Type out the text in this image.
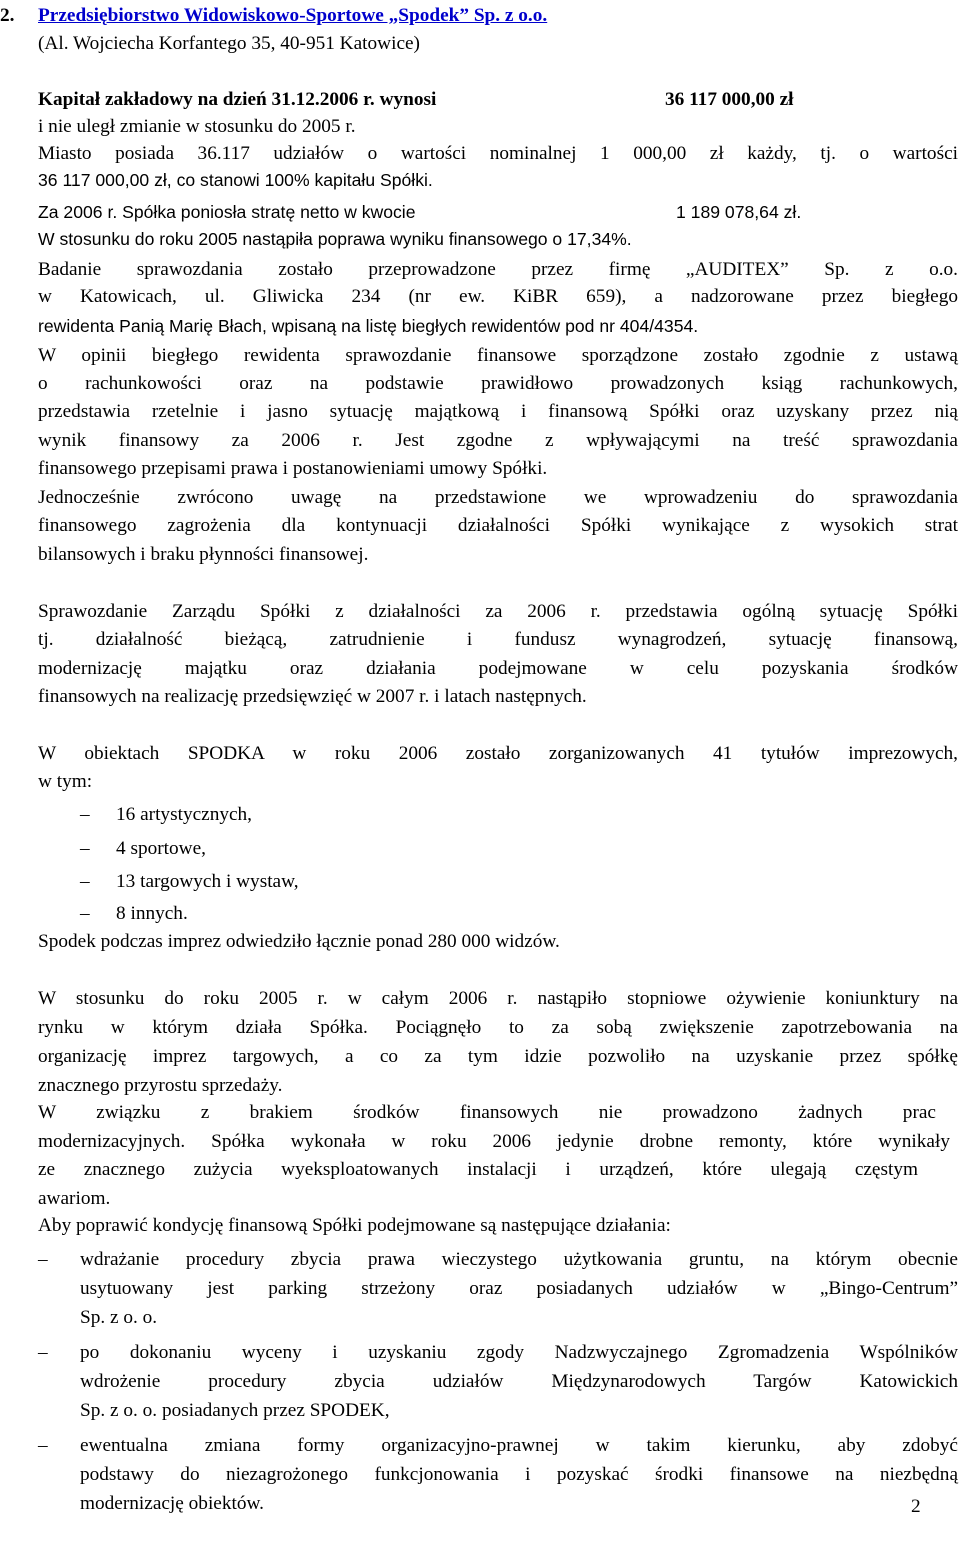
2.	Przedsiębiorstwo Widowiskowo-Sportowe „Spodek” Sp. z o.o.
(Al. Wojciecha Korfantego 35, 40-951 Katowice)
Kapitał zakładowy na dzień 31.12.2006 r. wynosi	36 117 000,00 zł
i nie uległ zmianie w stosunku do 2005 r.
Miasto posiada 36.117 udziałów o wartości nominalnej 1 000,00 zł każdy, tj. o wartości
36 117 000,00 zł, co stanowi 100% kapitału Spółki.
Za 2006 r. Spółka poniosła stratę netto w kwocie	1 189 078,64 zł.
W stosunku do roku 2005 nastąpiła poprawa wyniku finansowego o 17,34%.
Badanie sprawozdania zostało przeprowadzone przez firmę „AUDITEX” Sp. z o.o.
w Katowicach, ul. Gliwicka 234 (nr ew. KiBR 659), a nadzorowane przez biegłego
rewidenta Panią Marię Błach, wpisaną na listę biegłych rewidentów pod nr 404/4354.
W opinii biegłego rewidenta sprawozdanie finansowe sporządzone zostało zgodnie z ustawą
o rachunkowości oraz na podstawie prawidłowo prowadzonych ksiąg rachunkowych,
przedstawia rzetelnie i jasno sytuację majątkową i finansową Spółki oraz uzyskany przez nią
wynik finansowy za 2006 r. Jest zgodne z wpływającymi na treść sprawozdania
finansowego przepisami prawa i postanowieniami umowy Spółki.
Jednocześnie zwrócono uwagę na przedstawione we wprowadzeniu do sprawozdania
finansowego zagrożenia dla kontynuacji działalności Spółki wynikające z wysokich strat
bilansowych i braku płynności finansowej.
Sprawozdanie Zarządu Spółki z działalności za 2006 r. przedstawia ogólną sytuację Spółki
tj. działalność bieżącą, zatrudnienie i fundusz wynagrodzeń, sytuację finansową,
modernizację majątku oraz działania podejmowane w celu pozyskania środków
finansowych na realizację przedsięwzięć w 2007 r. i latach następnych.
W obiektach SPODKA w roku 2006 zostało zorganizowanych 41 tytułów imprezowych,
w tym:
–	16 artystycznych,
–	4 sportowe,
–	13 targowych i wystaw,
–	8 innych.
Spodek podczas imprez odwiedziło łącznie ponad 280 000 widzów.
W stosunku do roku 2005 r. w całym 2006 r. nastąpiło stopniowe ożywienie koniunktury na
rynku w którym działa Spółka. Pociągnęło to za sobą zwiększenie zapotrzebowania na
organizację imprez targowych, a co za tym idzie pozwoliło na uzyskanie przez spółkę
znacznego przyrostu sprzedaży.
W związku z brakiem środków finansowych nie prowadzono żadnych prac
modernizacyjnych. Spółka wykonała w roku 2006 jedynie drobne remonty, które wynikały
ze znacznego zużycia wyeksploatowanych instalacji i urządzeń, które ulegają częstym
awariom.
Aby poprawić kondycję finansową Spółki podejmowane są następujące działania:
–	wdrażanie procedury zbycia prawa wieczystego użytkowania gruntu, na którym obecnie
usytuowany jest parking strzeżony oraz posiadanych udziałów w „Bingo-Centrum”
Sp. z o. o.
–	po dokonaniu wyceny i uzyskaniu zgody Nadzwyczajnego Zgromadzenia Wspólników
wdrożenie procedury zbycia udziałów Międzynarodowych Targów Katowickich
Sp. z o. o. posiadanych przez SPODEK,
–	ewentualna zmiana formy organizacyjno-prawnej w takim kierunku, aby zdobyć
podstawy do niezagrożonego funkcjonowania i pozyskać środki finansowe na niezbędną
modernizację obiektów.	2
